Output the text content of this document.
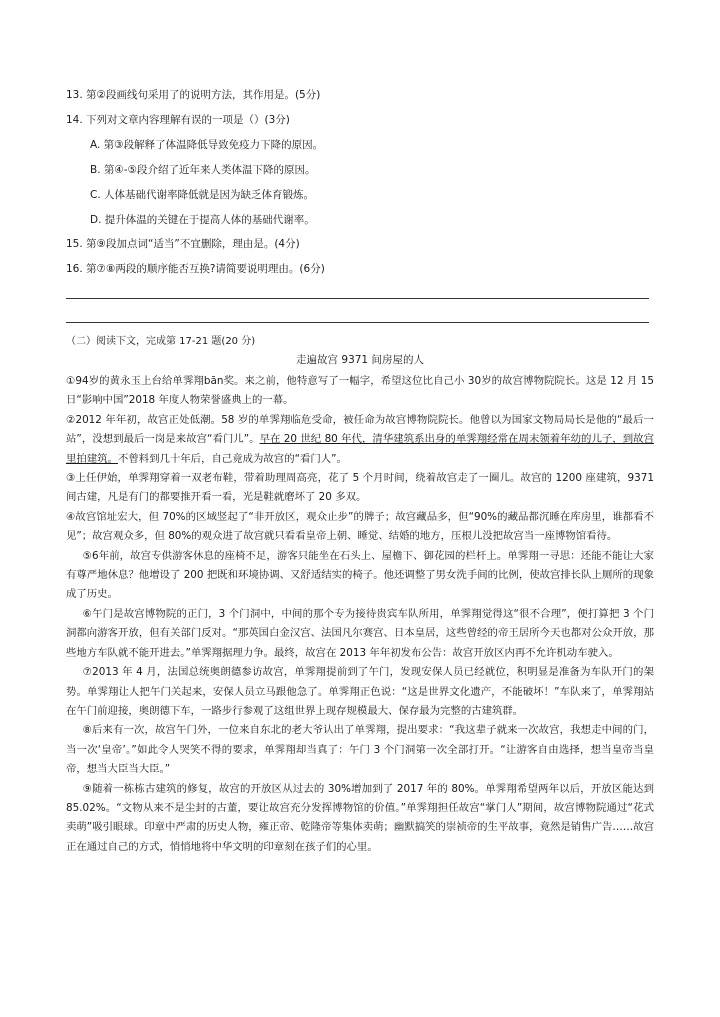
13. 第②段画线句采用了的说明方法，其作用是。(5分)
14. 下列对文章内容理解有误的一项是（）(3分)
A. 第③段解释了体温降低导致免疫力下降的原因。
B. 第④-⑤段介绍了近年来人类体温下降的原因。
C. 人体基础代谢率降低就是因为缺乏体育锻炼。
D. 提升体温的关键在于提高人体的基础代谢率。
15. 第⑨段加点词“适当”不宜删除，理由是。(4分)
16. 第⑦⑧两段的顺序能否互换?请简要说明理由。(6分)
（二）阅读下文，完成第 17-21 题(20 分)
走遍故宫 9371 间房屋的人

①94岁的黄永玉上台给单霁翔bān奖。来之前，他特意写了一幅字，希望这位比自己小 30岁的故宫博物院院长。这是 12 月 15 日“影响中国”2018 年度人物荣誉盛典上的一幕。

②2012 年年初，故宫正处低潮。58 岁的单霁翔临危受命，被任命为故宫博物院院长。他曾以为国家文物局局长是他的“最后一站”，没想到最后一岗是来故宫“看门儿”。早在 20 世纪 80 年代，清华建筑系出身的单霁翔经常在周末领着年幼的儿子，到故宫里拍建筑。不曾料到几十年后，自己竟成为故宫的“看门人”。

③上任伊始，单霁翔穿着一双老布鞋，带着助理周高亮，花了 5 个月时间，绕着故宫走了一圈儿。故宫的 1200 座建筑，9371 间古建，凡是有门的都要推开看一看，光是鞋就磨坏了 20 多双。

④故宫馆址宏大，但 70%的区域竖起了“非开放区，观众止步”的牌子；故宫藏品多，但“90%的藏品都沉睡在库房里，谁都看不见”；故宫观众多，但 80%的观众进了故宫就只看看皇帝上朝、睡觉、结婚的地方，压根儿没把故宫当一座博物馆看待。

⑤6年前，故宫专供游客休息的座椅不足，游客只能坐在石头上、屋檐下、御花园的栏杆上。单霁翔一寻思：还能不能让大家有尊严地休息？他增设了 200 把既和环境协调、又舒适结实的椅子。他还调整了男女洗手间的比例，使故宫排长队上厕所的现象成了历史。

⑥午门是故宫博物院的正门，3 个门洞中，中间的那个专为接待贵宾车队所用，单霁翔觉得这“很不合理”，便打算把 3 个门洞都向游客开放，但有关部门反对。“那英国白金汉宫、法国凡尔赛宫、日本皇居，这些曾经的帝王居所今天也都对公众开放，那些地方车队就不能开进去。”单霁翔据理力争。最终，故宫在 2013 年年初发布公告：故宫开放区内再不允许机动车驶入。

⑦2013 年 4 月，法国总统奥朗德参访故宫，单霁翔提前到了午门，发现安保人员已经就位，积明显是准备为车队开门的架势。单霁翔让人把午门关起来，安保人员立马跟他急了。单霁翔正色说：“这是世界文化遗产，不能破坏！”车队来了，单霁翔站在午门前迎接，奥朗德下车，一路步行参观了这组世界上现存规模最大、保存最为完整的古建筑群。

⑧后来有一次，故宫午门外，一位来自东北的老大爷认出了单霁翔，提出要求：“我这辈子就来一次故宫，我想走中间的门，当一次‘皇帝’。”如此令人哭笑不得的要求，单霁翔却当真了：午门 3 个门洞第一次全部打开。“让游客自由选择，想当皇帝当皇帝，想当大臣当大臣。”

⑨随着一栋栋古建筑的修复，故宫的开放区从过去的 30%增加到了 2017 年的 80%。单霁翔希望两年以后，开放区能达到 85.02%。“文物从来不是尘封的古董，要让故宫充分发挥博物馆的价值。”单霁翔担任故宫“掌门人”期间，故宫博物院通过“花式卖萌”吸引眼球。印章中严肃的历史人物，雍正帝、乾隆帝等集体卖萌；幽默搞笑的崇祯帝的生平故事，竟然是销售广告……故宫正在通过自己的方式，悄悄地将中华文明的印章刻在孩子们的心里。
